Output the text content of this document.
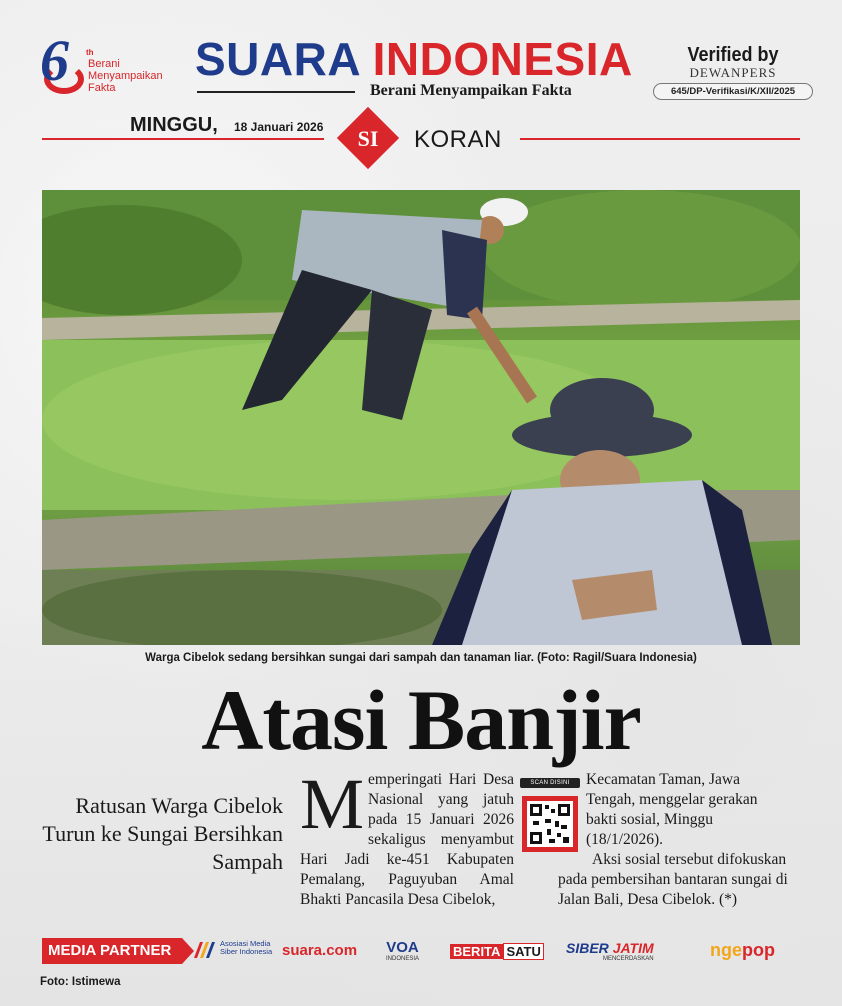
6 th
Berani Menyampaikan Fakta
SUARA INDONESIA
Berani Menyampaikan Fakta
Verified by
DEWANPERS
645/DP-Verifikasi/K/XII/2025
MINGGU, 18 Januari 2026	SI	KORAN
Warga Cibelok sedang bersihkan sungai dari sampah dan tanaman liar. (Foto: Ragil/Suara Indonesia)
Atasi Banjir
Ratusan Warga Cibelok Turun ke Sungai Bersihkan Sampah

Memperingati Hari Desa Nasional yang jatuh pada 15 Januari 2026 sekaligus menyambut Hari Jadi ke-451 Kabupaten Pemalang, Paguyuban Amal Bhakti Pancasila Desa Cibelok,

SCAN DISINI	Kecamatan Taman, Jawa Tengah, menggelar gerakan bakti sosial, Minggu (18/1/2026).

Aksi sosial tersebut difokuskan pada pembersihan bantaran sungai di Jalan Bali, Desa Cibelok. (*)

MEDIA PARTNER	Asosiasi Media Siber Indonesia suara.com VOA
INDONESIA	BERITA SATU SIBER JATIM
MENCERDASKAN	ngepop
Foto: Istimewa
